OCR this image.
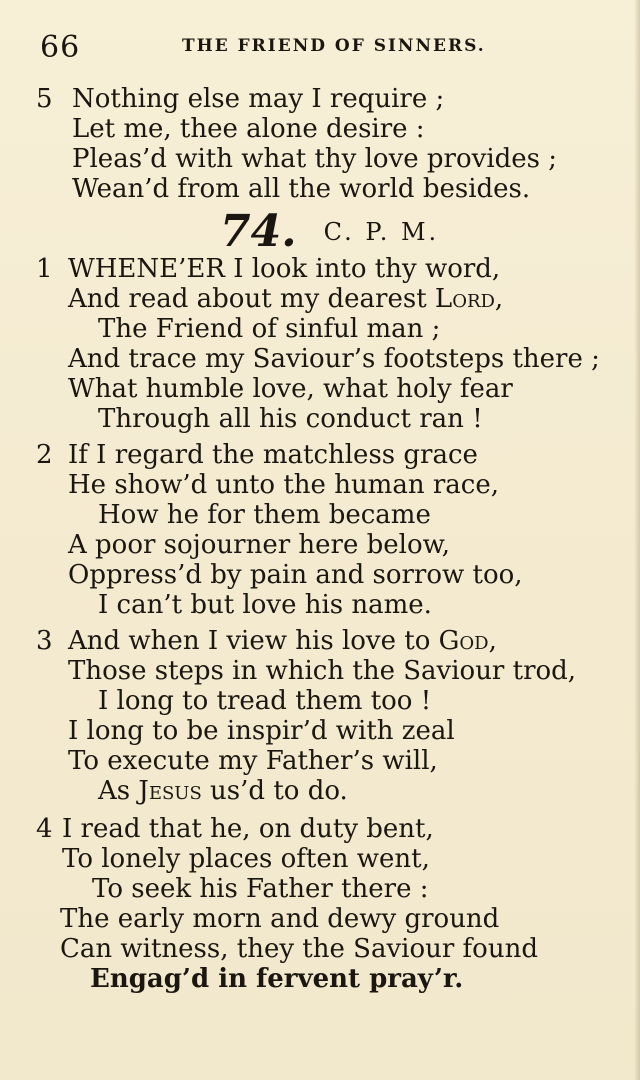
66	THE FRIEND OF SINNERS.
5 Nothing else may I require ;
Let me, thee alone desire :
Pleas’d with what thy love provides ;
Wean’d from all the world besides.
74. C. P. M.
1 WHENE’ER I look into thy word,
And read about my dearest Lord,
The Friend of sinful man ;
And trace my Saviour’s footsteps there ;
What humble love, what holy fear
Through all his conduct ran !
2 If I regard the matchless grace
He show’d unto the human race,
How he for them became
A poor sojourner here below,
Oppress’d by pain and sorrow too,
I can’t but love his name.
3 And when I view his love to God,
Those steps in which the Saviour trod,
I long to tread them too !
I long to be inspir’d with zeal
To execute my Father’s will,
As Jesus us’d to do.
4 I read that he, on duty bent,
To lonely places often went,
To seek his Father there :
The early morn and dewy ground
Can witness, they the Saviour found
Engag’d in fervent pray’r.
